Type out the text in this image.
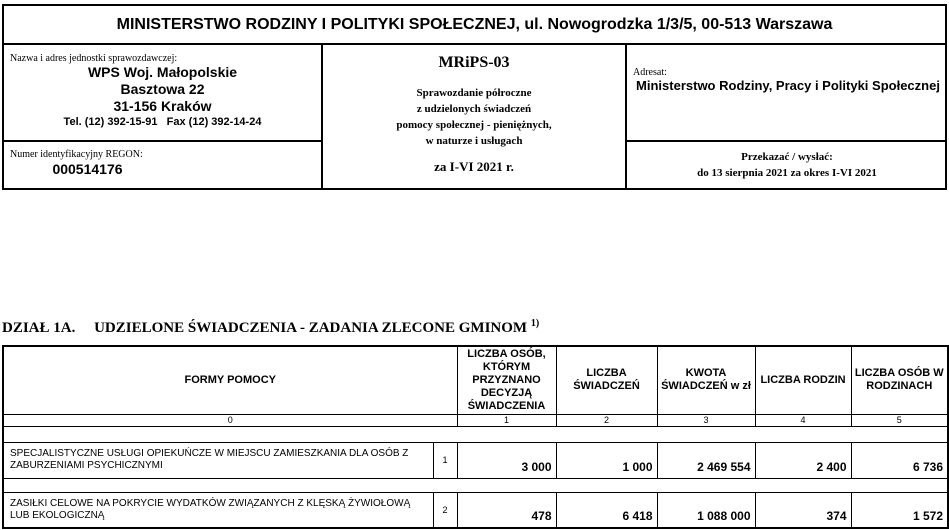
MINISTERSTWO RODZINY I POLITYKI SPOŁECZNEJ, ul. Nowogrodzka 1/3/5, 00-513 Warszawa
Nazwa i adres jednostki sprawozdawczej:
WPS Woj. Małopolskie
Basztowa 22
31-156 Kraków
Tel. (12) 392-15-91   Fax (12) 392-14-24
Numer identyfikacyjny REGON:
000514176
MRiPS-03
Sprawozdanie półroczne
z udzielonych świadczeń
pomocy społecznej - pieniężnych,
w naturze i usługach
za I-VI 2021 r.
Adresat:
Ministerstwo Rodziny, Pracy i Polityki Społecznej
Przekazać / wysłać:
do 13 sierpnia 2021 za okres I-VI 2021
DZIAŁ 1A.     UDZIELONE ŚWIADCZENIA - ZADANIA ZLECONE GMINOM $^{1)}$
FORMY POMOCY		LICZBA OSÓB, KTÓRYM PRZYZNANO DECYZJĄ ŚWIADCZENIA	LICZBA ŚWIADCZEŃ	KWOTA ŚWIADCZEŃ w zł	LICZBA RODZIN	LICZBA OSÓB W RODZINACH
0		1	2	3	4	5

SPECJALISTYCZNE USŁUGI OPIEKUŃCZE W MIEJSCU ZAMIESZKANIA DLA OSÓB Z ZABURZENIAMI PSYCHICZNYMI	1	3 000	1 000	2 469 554	2 400	6 736

ZASIŁKI CELOWE NA POKRYCIE WYDATKÓW ZWIĄZANYCH Z KLĘSKĄ ŻYWIOŁOWĄ LUB EKOLOGICZNĄ	2	478	6 418	1 088 000	374	1 572
